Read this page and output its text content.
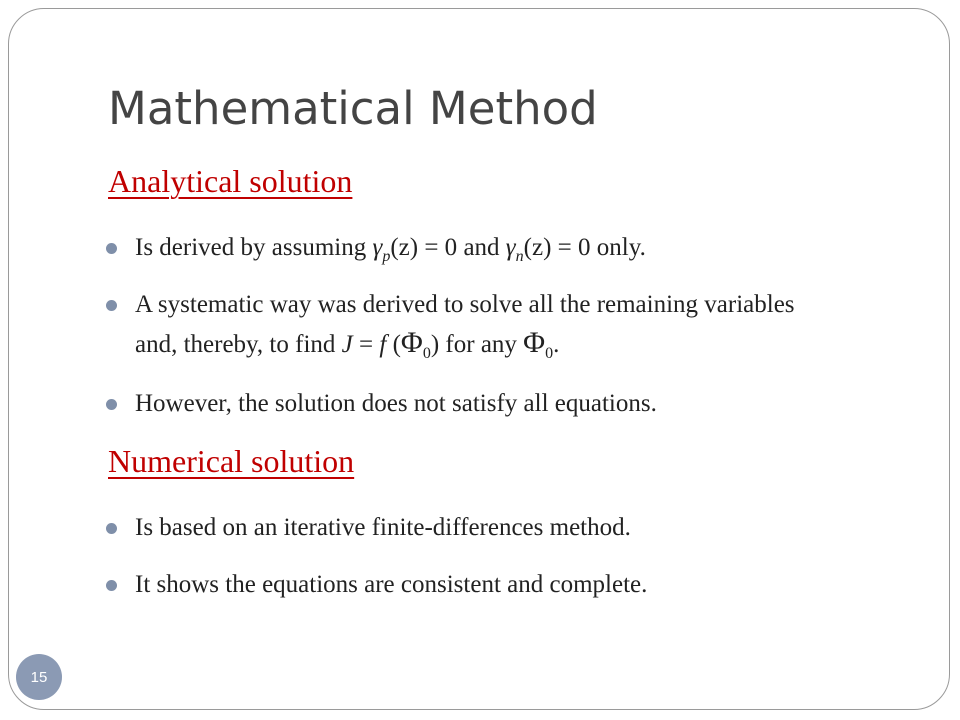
Mathematical Method
Analytical solution
Is derived by assuming $\gamma_p(z) = 0$ and $\gamma_n(z) = 0$ only.
A systematic way was derived to solve all the remaining variables and, thereby, to find J = f $(\Phi_0)$ for any $\Phi_0$.
However, the solution does not satisfy all equations.
Numerical solution
Is based on an iterative finite-differences method.
It shows the equations are consistent and complete.
15
